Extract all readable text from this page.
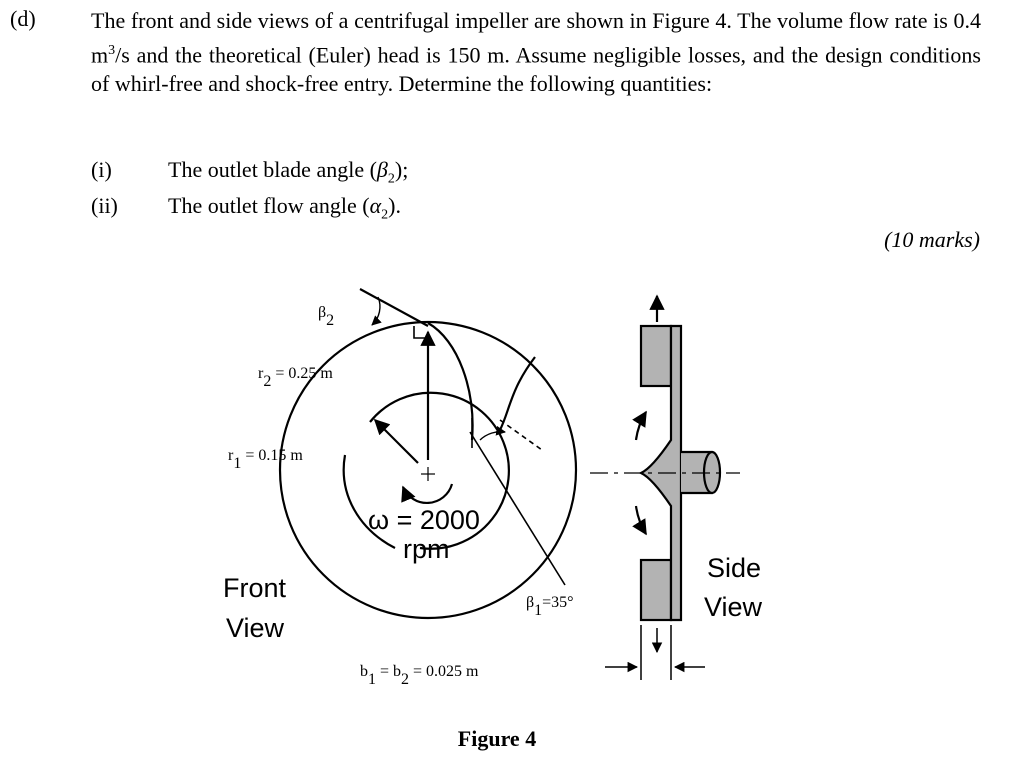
(d)	The front and side views of a centrifugal impeller are shown in Figure 4. The volume flow rate is 0.4 $m^3/s$ and the theoretical (Euler) head is 150 m. Assume negligible losses, and the design conditions of whirl-free and shock-free entry. Determine the following quantities:

(i)	The outlet blade angle $(\beta_2)$;
(ii) The outlet flow angle $(\alpha_2)$.
(10 marks)
β2
r2 = 0.25 m
r1 = 0.15 m
ω = 2000
rpm
β1=35°
Front
View
Side
View
b1 = b2 = 0.025 m
Figure 4
